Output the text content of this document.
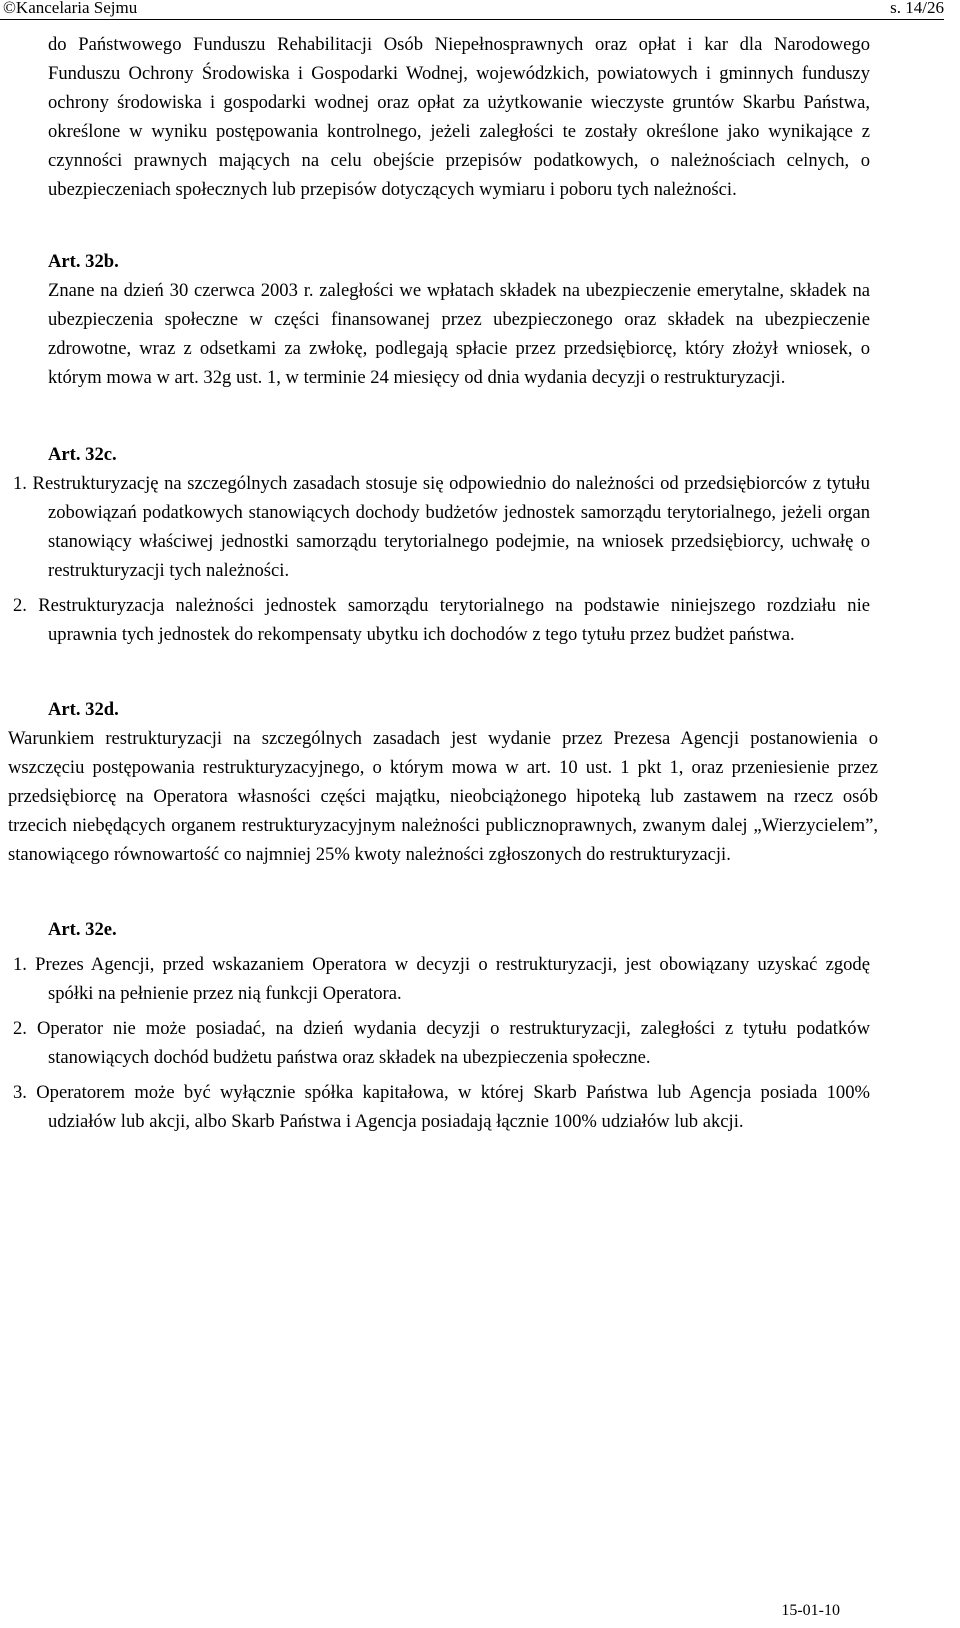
©Kancelaria Sejmu	s. 14/26

do Państwowego Funduszu Rehabilitacji Osób Niepełnosprawnych oraz opłat i kar dla Narodowego Funduszu Ochrony Środowiska i Gospodarki Wodnej, wojewódzkich, powiatowych i gminnych funduszy ochrony środowiska i gospodarki wodnej oraz opłat za użytkowanie wieczyste gruntów Skarbu Państwa, określone w wyniku postępowania kontrolnego, jeżeli zaległości te zostały określone jako wynikające z czynności prawnych mających na celu obejście przepisów podatkowych, o należnościach celnych, o ubezpieczeniach społecznych lub przepisów dotyczących wymiaru i poboru tych należności.

Art. 32b.

Znane na dzień 30 czerwca 2003 r. zaległości we wpłatach składek na ubezpieczenie emerytalne, składek na ubezpieczenia społeczne w części finansowanej przez ubezpieczonego oraz składek na ubezpieczenie zdrowotne, wraz z odsetkami za zwłokę, podlegają spłacie przez przedsiębiorcę, który złożył wniosek, o którym mowa w art. 32g ust. 1, w terminie 24 miesięcy od dnia wydania decyzji o restrukturyzacji.

Art. 32c.

1. Restrukturyzację na szczególnych zasadach stosuje się odpowiednio do należności od przedsiębiorców z tytułu zobowiązań podatkowych stanowiących dochody budżetów jednostek samorządu terytorialnego, jeżeli organ stanowiący właściwej jednostki samorządu terytorialnego podejmie, na wniosek przedsiębiorcy, uchwałę o restrukturyzacji tych należności.

2. Restrukturyzacja należności jednostek samorządu terytorialnego na podstawie niniejszego rozdziału nie uprawnia tych jednostek do rekompensaty ubytku ich dochodów z tego tytułu przez budżet państwa.

Art. 32d.

Warunkiem restrukturyzacji na szczególnych zasadach jest wydanie przez Prezesa Agencji postanowienia o wszczęciu postępowania restrukturyzacyjnego, o którym mowa w art. 10 ust. 1 pkt 1, oraz przeniesienie przez przedsiębiorcę na Operatora własności części majątku, nieobciążonego hipoteką lub zastawem na rzecz osób trzecich niebędących organem restrukturyzacyjnym należności publicznoprawnych, zwanym dalej „Wierzycielem”, stanowiącego równowartość co najmniej 25% kwoty należności zgłoszonych do restrukturyzacji.

Art. 32e.

1. Prezes Agencji, przed wskazaniem Operatora w decyzji o restrukturyzacji, jest obowiązany uzyskać zgodę spółki na pełnienie przez nią funkcji Operatora.

2. Operator nie może posiadać, na dzień wydania decyzji o restrukturyzacji, zaległości z tytułu podatków stanowiących dochód budżetu państwa oraz składek na ubezpieczenia społeczne.

3. Operatorem może być wyłącznie spółka kapitałowa, w której Skarb Państwa lub Agencja posiada 100% udziałów lub akcji, albo Skarb Państwa i Agencja posiadają łącznie 100% udziałów lub akcji.

15-01-10
